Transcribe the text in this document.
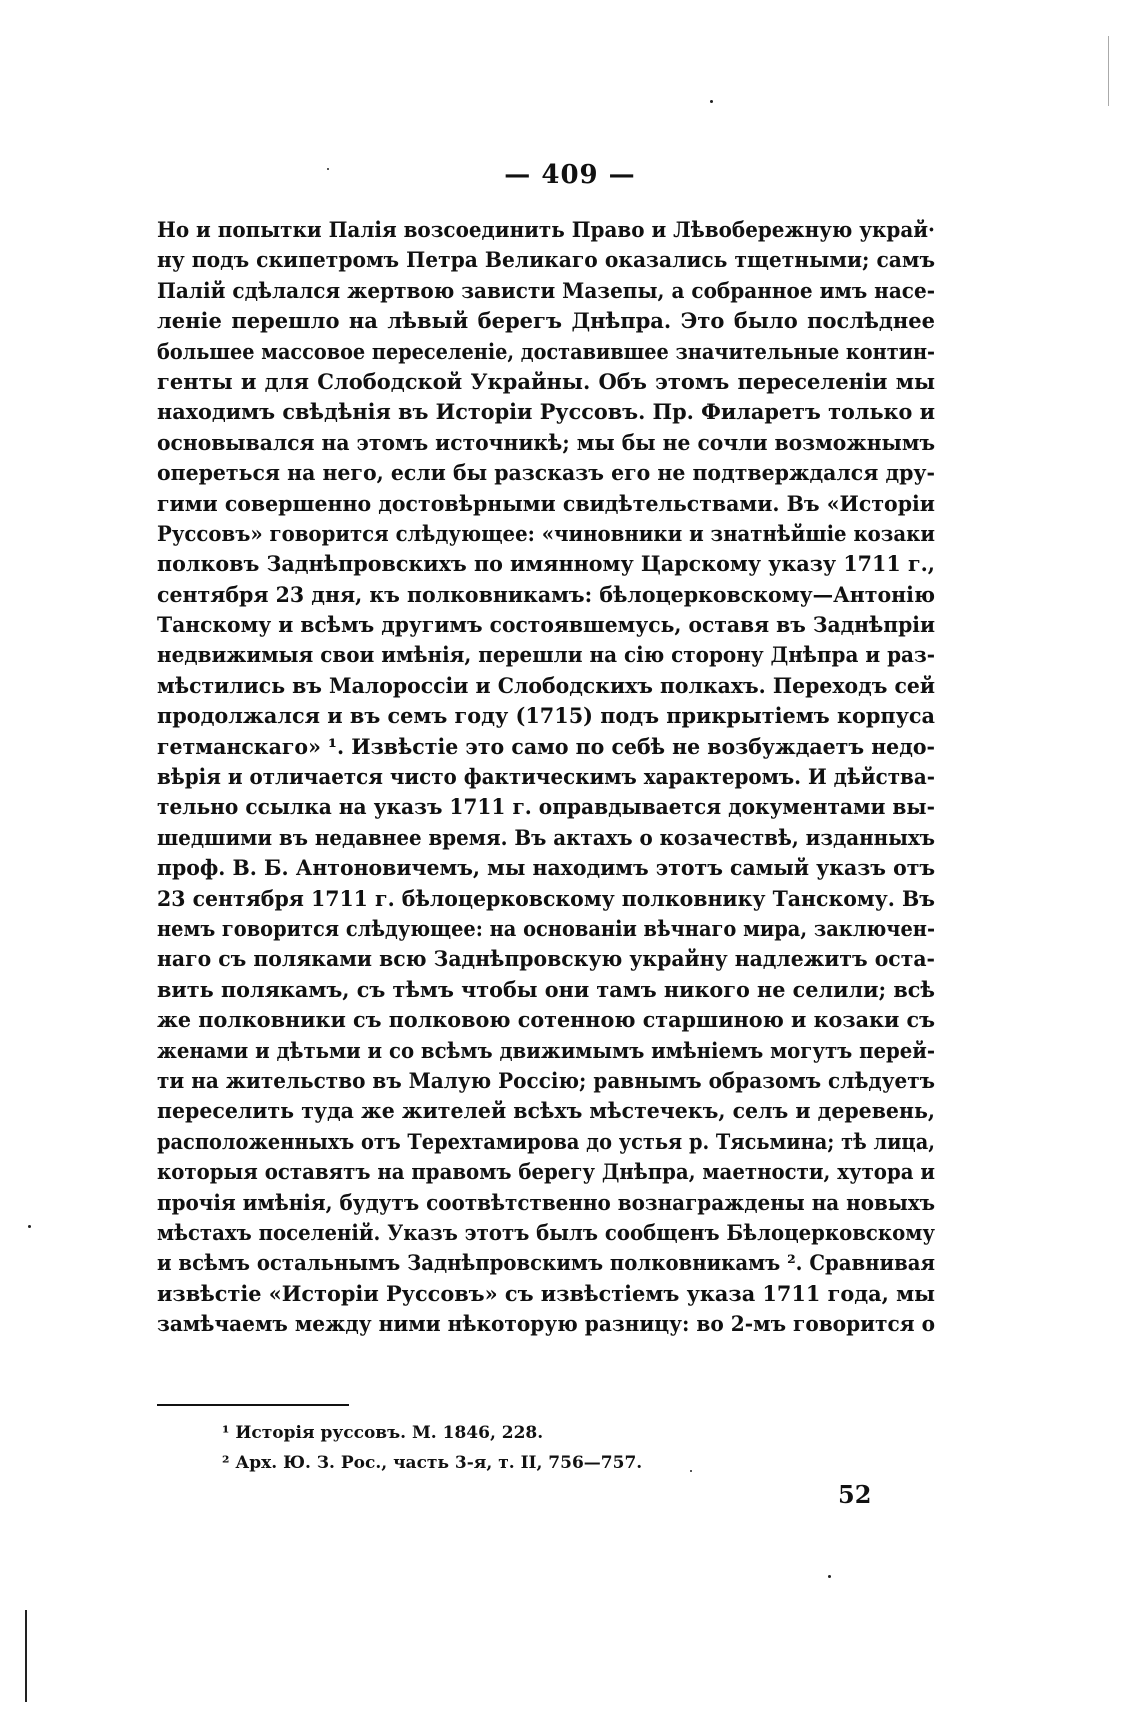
— 409 —
Но и попытки Палія возсоединить Право и Лѣвобережную украй·
ну подъ скипетромъ Петра Великаго оказались тщетными; самъ
Палій сдѣлался жертвою зависти Мазепы, а собранное имъ насе-
леніе перешло на лѣвый берегъ Днѣпра. Это было послѣднее
большее массовое переселеніе, доставившее значительные контин-
генты и для Слободской Украйны. Объ этомъ переселеніи мы
находимъ свѣдѣнія въ Исторіи Руссовъ. Пр. Филаретъ только и
основывался на этомъ источникѣ; мы бы не сочли возможнымъ
опереться на него, если бы разсказъ его не подтверждался дру-
гими совершенно достовѣрными свидѣтельствами. Въ «Исторіи
Руссовъ» говорится слѣдующее: «чиновники и знатнѣйшіе козаки
полковъ Заднѣпровскихъ по имянному Царскому указу 1711 г.,
сентября 23 дня, къ полковникамъ: бѣлоцерковскому—Антонію
Танскому и всѣмъ другимъ состоявшемусь, оставя въ Заднѣпріи
недвижимыя свои имѣнія, перешли на сію сторону Днѣпра и раз-
мѣстились въ Малороссіи и Слободскихъ полкахъ. Переходъ сей
продолжался и въ семъ году (1715) подъ прикрытіемъ корпуса
гетманскаго» ¹. Извѣстіе это само по себѣ не возбуждаетъ недо-
вѣрія и отличается чисто фактическимъ характеромъ. И дѣйства-
тельно ссылка на указъ 1711 г. оправдывается документами вы-
шедшими въ недавнее время. Въ актахъ о козачествѣ, изданныхъ
проф. В. Б. Антоновичемъ, мы находимъ этотъ самый указъ отъ
23 сентября 1711 г. бѣлоцерковскому полковнику Танскому. Въ
немъ говорится слѣдующее: на основаніи вѣчнаго мира, заключен-
наго съ поляками всю Заднѣпровскую украйну надлежитъ оста-
вить полякамъ, съ тѣмъ чтобы они тамъ никого не селили; всѣ
же полковники съ полковою сотенною старшиною и козаки съ
женами и дѣтьми и со всѣмъ движимымъ имѣніемъ могутъ перей-
ти на жительство въ Малую Россію; равнымъ образомъ слѣдуетъ
переселить туда же жителей всѣхъ мѣстечекъ, селъ и деревень,
расположенныхъ отъ Терехтамирова до устья р. Тясьмина; тѣ лица,
которыя оставятъ на правомъ берегу Днѣпра, маетности, хутора и
прочія имѣнія, будутъ соотвѣтственно вознаграждены на новыхъ
мѣстахъ поселеній. Указъ этотъ былъ сообщенъ Бѣлоцерковскому
и всѣмъ остальнымъ Заднѣпровскимъ полковникамъ ². Сравнивая
извѣстіе «Исторіи Руссовъ» съ извѣстіемъ указа 1711 года, мы
замѣчаемъ между ними нѣкоторую разницу: во 2-мъ говорится о
¹ Исторія руссовъ. М. 1846, 228.
² Арх. Ю. З. Рос., часть 3-я, т. II, 756—757.
52
